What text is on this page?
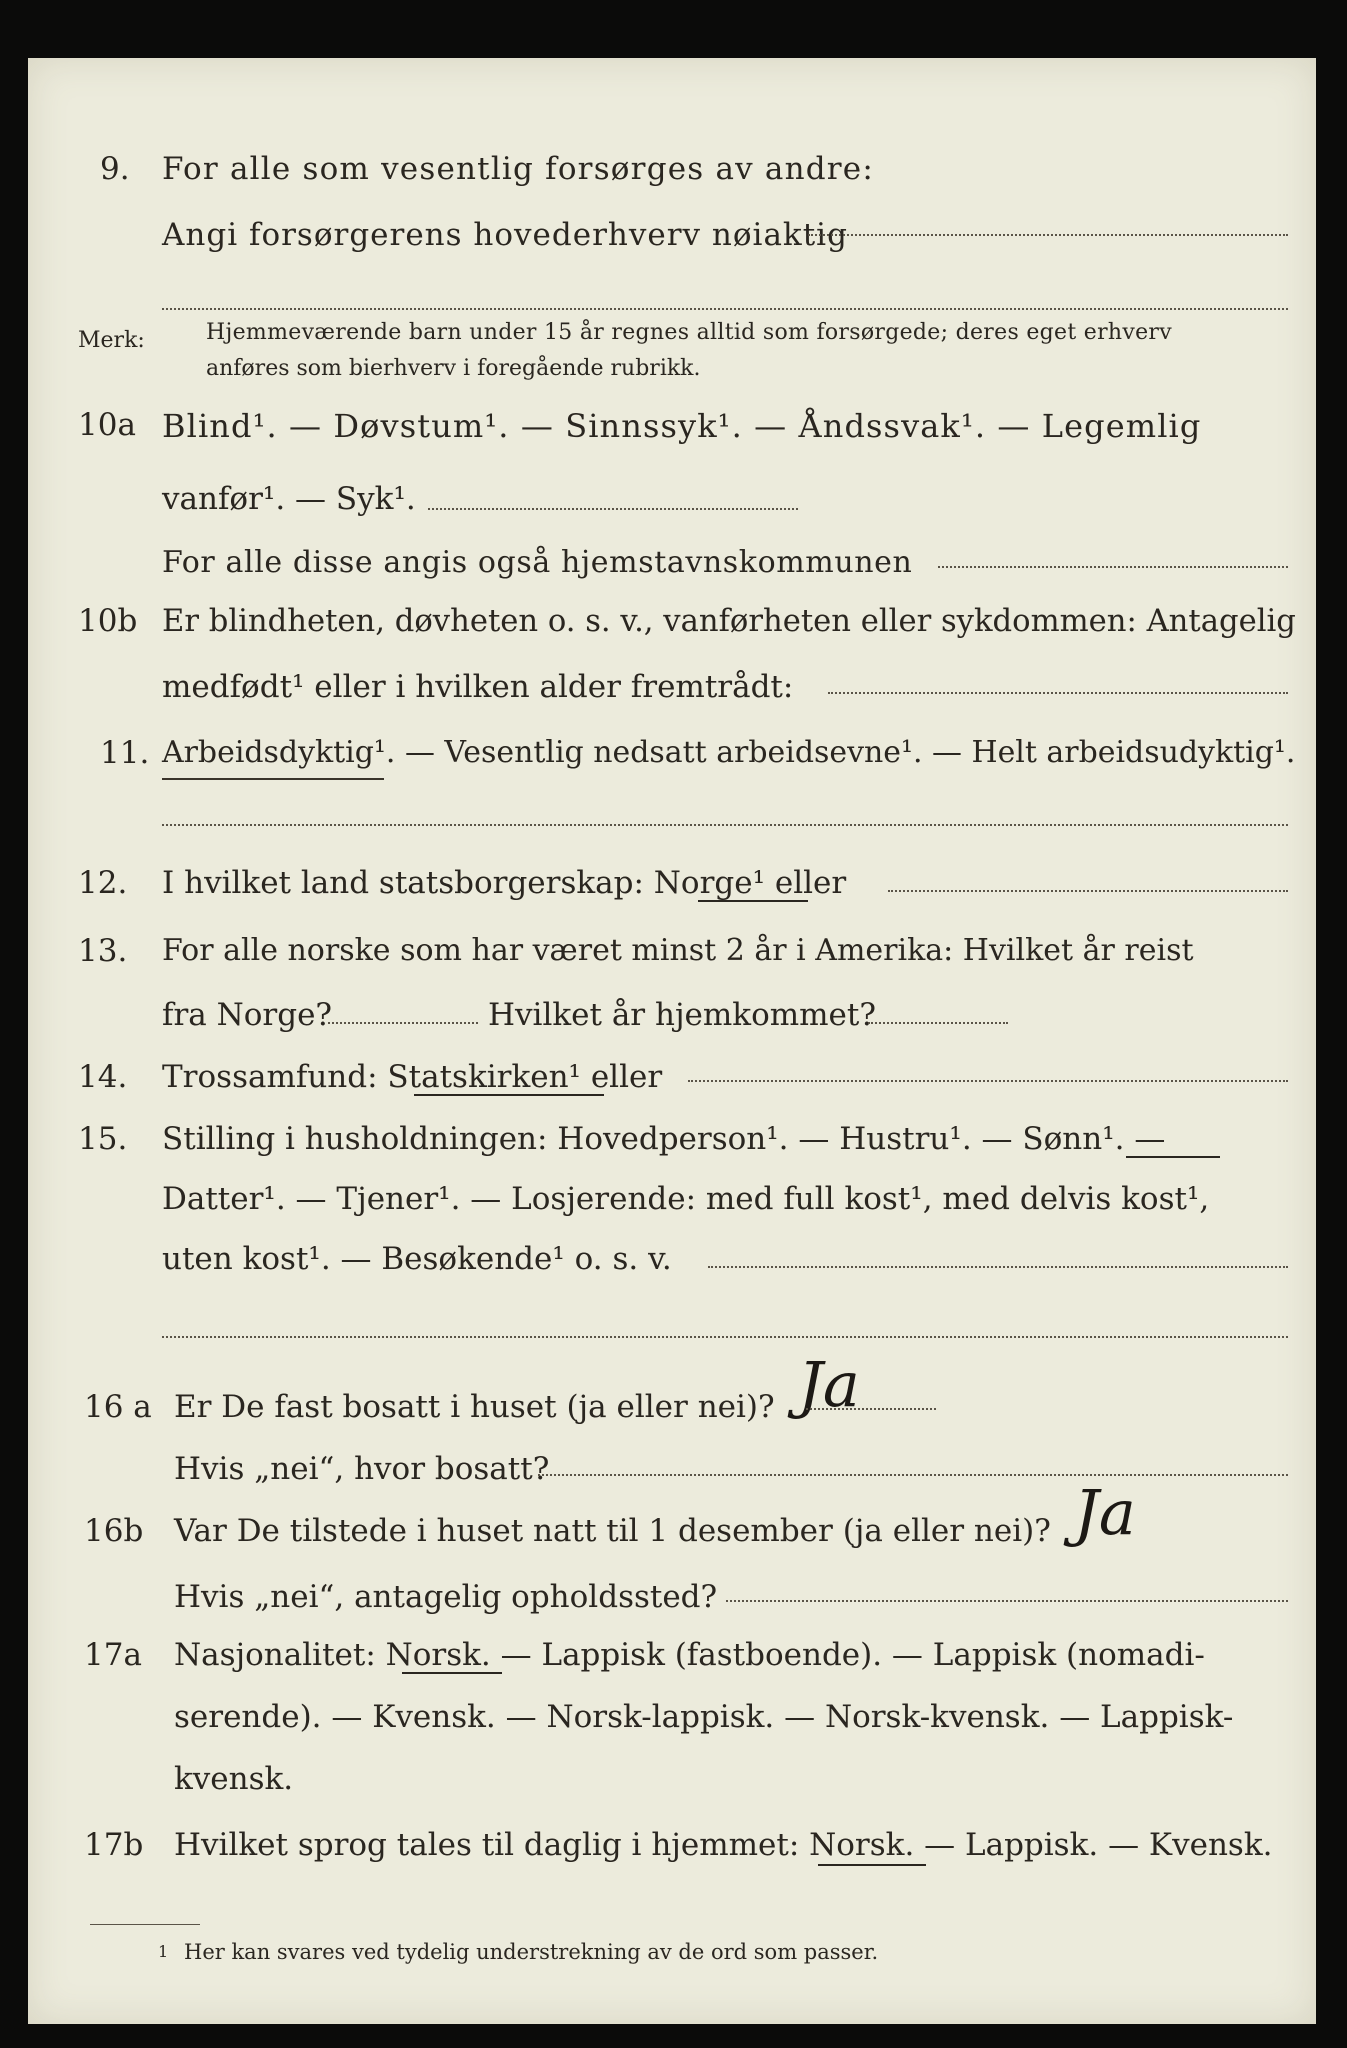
9. For alle som vesentlig forsørges av andre:
Angi forsørgerens hovederhverv nøiaktig
Merk:	Hjemmeværende barn under 15 år regnes alltid som forsørgede; deres eget erhverv
anføres som bierhverv i foregående rubrikk.
10a Blind¹. — Døvstum¹. — Sinnssyk¹. — Åndssvak¹. — Legemlig
vanfør¹. — Syk¹.
For alle disse angis også hjemstavnskommunen
10b Er blindheten, døvheten o. s. v., vanførheten eller sykdommen: Antagelig
medfødt¹ eller i hvilken alder fremtrådt:
11. Arbeidsdyktig¹. — Vesentlig nedsatt arbeidsevne¹. — Helt arbeidsudyktig¹.
12. I hvilket land statsborgerskap: Norge¹ eller
13. For alle norske som har været minst 2 år i Amerika: Hvilket år reist
fra Norge?	Hvilket år hjemkommet?
14. Trossamfund: Statskirken¹ eller
15. Stilling i husholdningen: Hovedperson¹. — Hustru¹. — Sønn¹. —
Datter¹. — Tjener¹. — Losjerende: med full kost¹, med delvis kost¹,
uten kost¹. — Besøkende¹ o. s. v.
16 a Er De fast bosatt i huset (ja eller nei)? Ja
Hvis „nei“, hvor bosatt?
16b Var De tilstede i huset natt til 1 desember (ja eller nei)? Ja
Hvis „nei“, antagelig opholdssted?
17a Nasjonalitet: Norsk. — Lappisk (fastboende). — Lappisk (nomadi-
serende). — Kvensk. — Norsk-lappisk. — Norsk-kvensk. — Lappisk-
kvensk.
17b Hvilket sprog tales til daglig i hjemmet: Norsk. — Lappisk. — Kvensk.
1 Her kan svares ved tydelig understrekning av de ord som passer.
